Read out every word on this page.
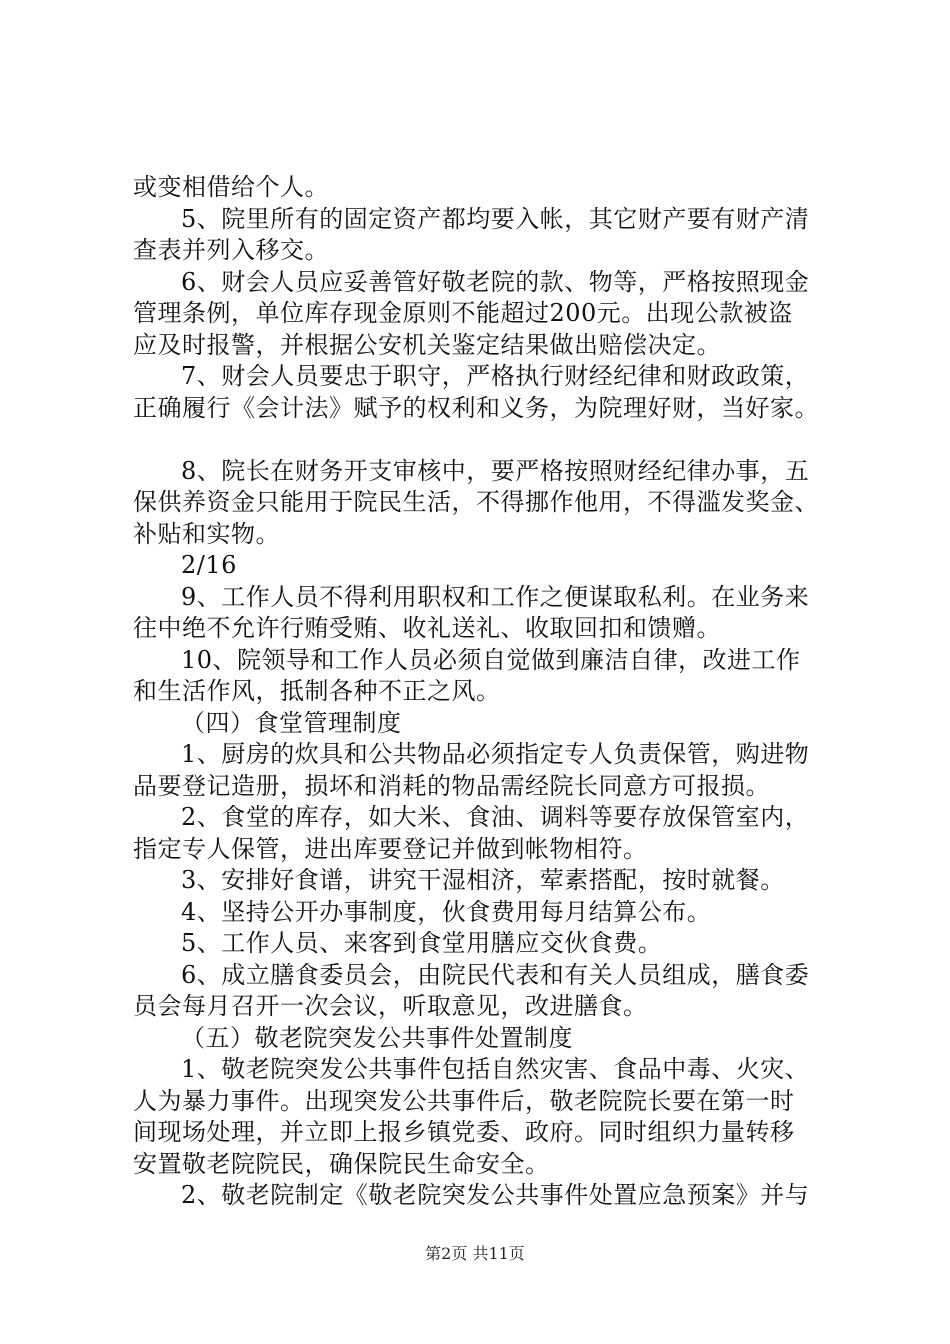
或变相借给个人。
5、院里所有的固定资产都均要入帐，其它财产要有财产清
查表并列入移交。
6、财会人员应妥善管好敬老院的款、物等，严格按照现金
管理条例，单位库存现金原则不能超过200元。出现公款被盗
应及时报警，并根据公安机关鉴定结果做出赔偿决定。
7、财会人员要忠于职守，严格执行财经纪律和财政政策，
正确履行《会计法》赋予的权利和义务，为院理好财，当好家。
8、院长在财务开支审核中，要严格按照财经纪律办事，五
保供养资金只能用于院民生活，不得挪作他用，不得滥发奖金、
补贴和实物。
2/16
9、工作人员不得利用职权和工作之便谋取私利。在业务来
往中绝不允许行贿受贿、收礼送礼、收取回扣和馈赠。
10、院领导和工作人员必须自觉做到廉洁自律，改进工作
和生活作风，抵制各种不正之风。
（四）食堂管理制度
1、厨房的炊具和公共物品必须指定专人负责保管，购进物
品要登记造册，损坏和消耗的物品需经院长同意方可报损。
2、食堂的库存，如大米、食油、调料等要存放保管室内，
指定专人保管，进出库要登记并做到帐物相符。
3、安排好食谱，讲究干湿相济，荤素搭配，按时就餐。
4、坚持公开办事制度，伙食费用每月结算公布。
5、工作人员、来客到食堂用膳应交伙食费。
6、成立膳食委员会，由院民代表和有关人员组成，膳食委
员会每月召开一次会议，听取意见，改进膳食。
（五）敬老院突发公共事件处置制度
1、敬老院突发公共事件包括自然灾害、食品中毒、火灾、
人为暴力事件。出现突发公共事件后，敬老院院长要在第一时
间现场处理，并立即上报乡镇党委、政府。同时组织力量转移
安置敬老院院民，确保院民生命安全。
2、敬老院制定《敬老院突发公共事件处置应急预案》并与
第2页 共11页
